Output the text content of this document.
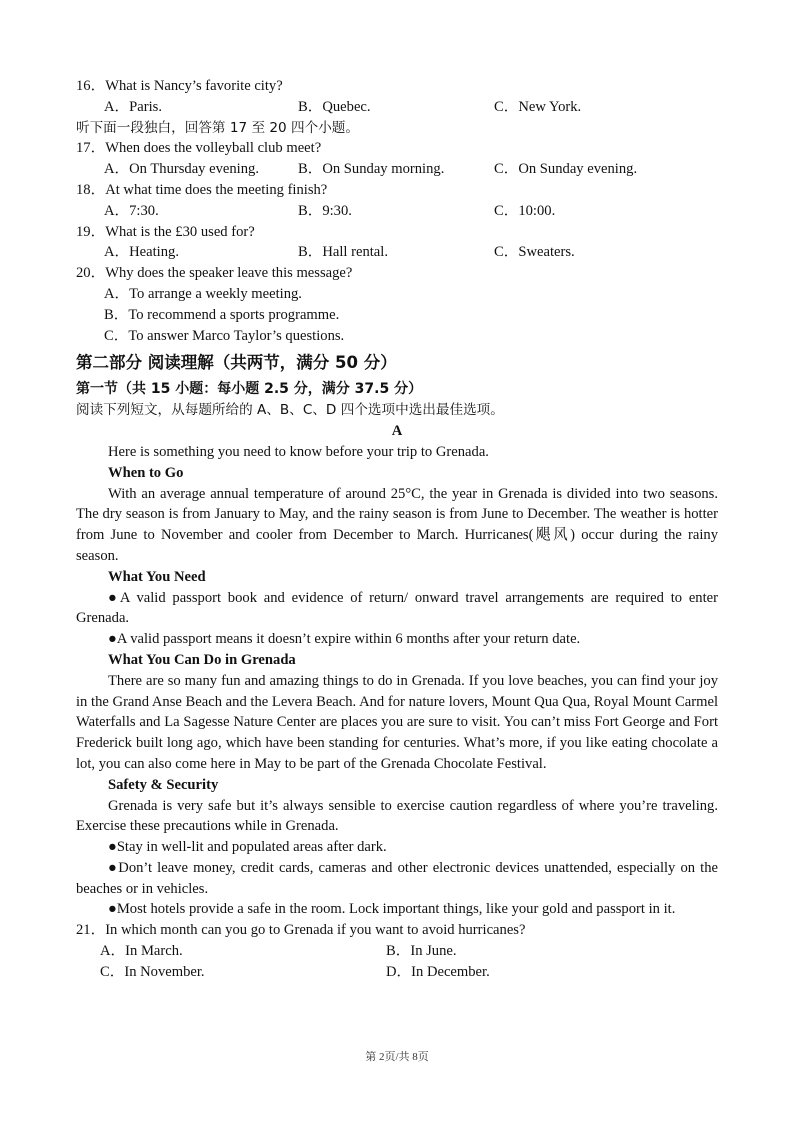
16．What is Nancy’s favorite city?
A．Paris.	B．Quebec.	C．New York.
听下面一段独白，回答第 17 至 20 四个小题。
17．When does the volleyball club meet?
A．On Thursday evening.	B．On Sunday morning.	C．On Sunday evening.
18．At what time does the meeting finish?
A．7:30.	B．9:30.	C．10:00.
19．What is the £30 used for?
A．Heating.	B．Hall rental.	C．Sweaters.
20．Why does the speaker leave this message?
A．To arrange a weekly meeting.
B．To recommend a sports programme.
C．To answer Marco Taylor’s questions.
第二部分 阅读理解（共两节，满分 50 分）
第一节（共 15 小题：每小题 2.5 分，满分 37.5 分）
阅读下列短文，从每题所给的 A、B、C、D 四个选项中选出最佳选项。
A
Here is something you need to know before your trip to Grenada.
When to Go

With an average annual temperature of around 25°C, the year in Grenada is divided into two seasons. The dry season is from January to May, and the rainy season is from June to December. The weather is hotter from June to November and cooler from December to March. Hurricanes(飓风) occur during the rainy season.

What You Need

●A valid passport book and evidence of return/ onward travel arrangements are required to enter Grenada.

●A valid passport means it doesn’t expire within 6 months after your return date.

What You Can Do in Grenada

There are so many fun and amazing things to do in Grenada. If you love beaches, you can find your joy in the Grand Anse Beach and the Levera Beach. And for nature lovers, Mount Qua Qua, Royal Mount Carmel Waterfalls and La Sagesse Nature Center are places you are sure to visit. You can’t miss Fort George and Fort Frederick built long ago, which have been standing for centuries. What’s more, if you like eating chocolate a lot, you can also come here in May to be part of the Grenada Chocolate Festival.

Safety & Security

Grenada is very safe but it’s always sensible to exercise caution regardless of where you’re traveling. Exercise these precautions while in Grenada.

●Stay in well-lit and populated areas after dark.

●Don’t leave money, credit cards, cameras and other electronic devices unattended, especially on the beaches or in vehicles.

●Most hotels provide a safe in the room. Lock important things, like your gold and passport in it.

21．In which month can you go to Grenada if you want to avoid hurricanes?
A．In March.	B．In June.
C．In November.	D．In December.
第 2页/共 8页
